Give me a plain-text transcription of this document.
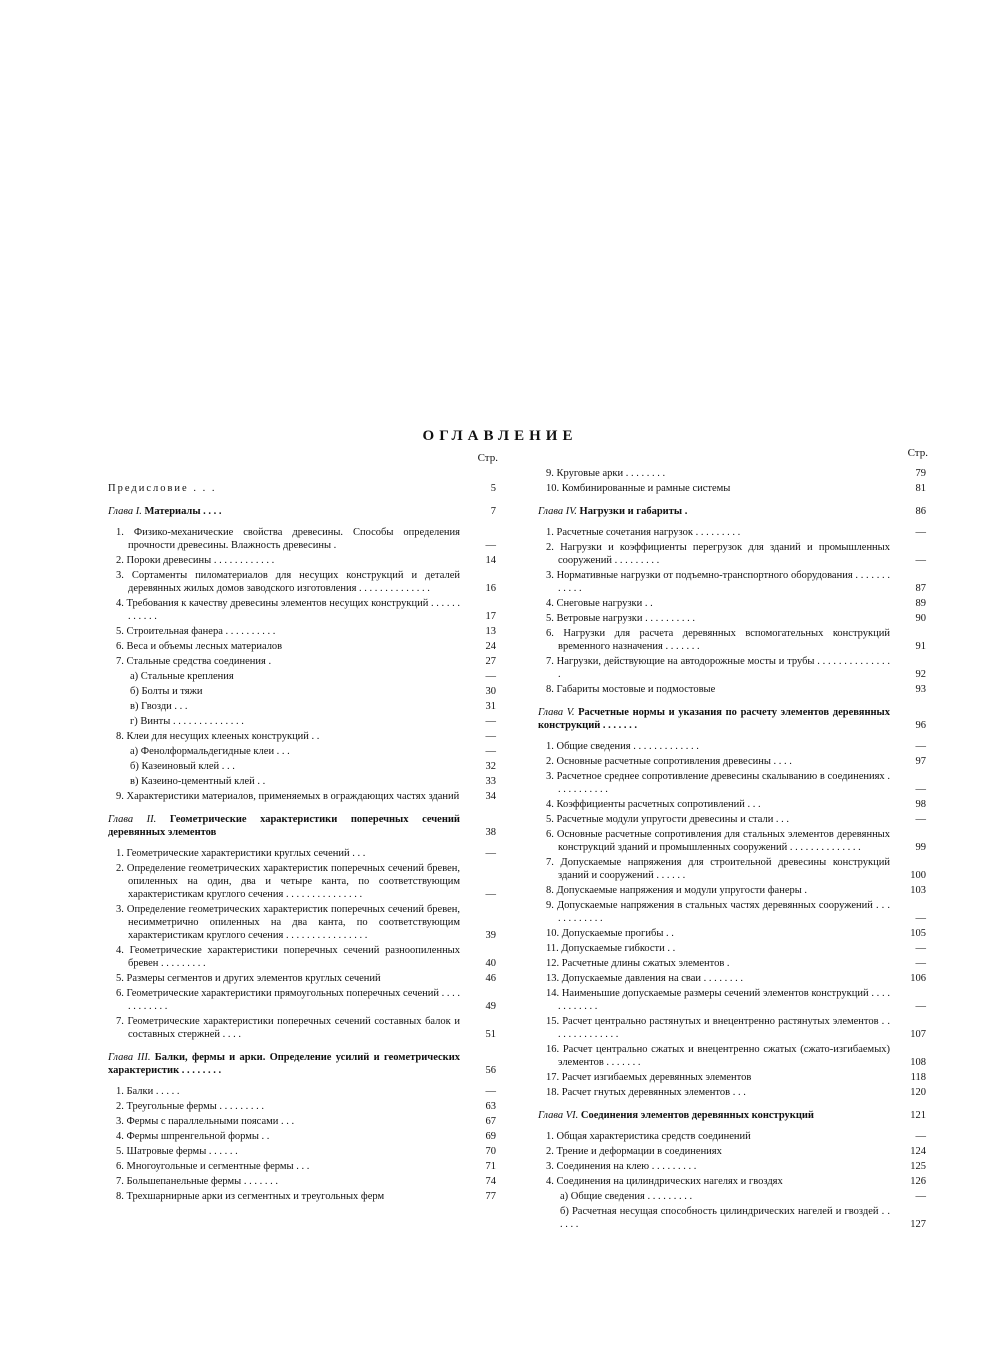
ОГЛАВЛЕНИЕ
Стр.
Предисловие . . .	5
Глава I. Материалы . . . .	7
1. Физико-механические свойства древесины. Способы определения прочности древесины. Влажность древесины .	—
2. Пороки древесины . . . . . . . . . . . .	14
3. Сортаменты пиломатериалов для несущих конструкций и деталей деревянных жилых домов заводского изготовления . . . . . . . . . . . . . .	16
4. Требования к качеству древесины элементов несущих конструкций . . . . . . . . . . . .	17
5. Строительная фанера . . . . . . . . . .	13
6. Веса и объемы лесных материалов	24
7. Стальные средства соединения .	27
а) Стальные крепления	—
б) Болты и тяжи	30
в) Гвозди . . .	31
г) Винты . . . . . . . . . . . . . .	—
8. Клеи для несущих клееных конструкций . .	—
а) Фенолформальдегидные клеи . . .	—
б) Казеиновый клей . . .	32
в) Казеино-цементный клей . .	33
9. Характеристики материалов, применяемых в ограждающих частях зданий	34
Глава II. Геометрические характеристики поперечных сечений деревянных элементов	38
1. Геометрические характеристики круглых сечений . . .	—
2. Определение геометрических характеристик поперечных сечений бревен, опиленных на один, два и четыре канта, по соответствующим характеристикам круглого сечения . . . . . . . . . . . . . . .	—
3. Определение геометрических характеристик поперечных сечений бревен, несимметрично опиленных на два канта, по соответствующим характеристикам круглого сечения . . . . . . . . . . . . . . . .	39
4. Геометрические характеристики поперечных сечений разноопиленных бревен . . . . . . . . .	40
5. Размеры сегментов и других элементов круглых сечений	46
6. Геометрические характеристики прямоугольных поперечных сечений . . . . . . . . . . . .	49
7. Геометрические характеристики поперечных сечений составных балок и составных стержней . . . .	51
Глава III. Балки, фермы и арки. Определение усилий и геометрических характеристик . . . . . . . .	56
1. Балки . . . . .	—
2. Треугольные фермы . . . . . . . . .	63
3. Фермы с параллельными поясами . . .	67
4. Фермы шпренгельной формы . .	69
5. Шатровые фермы . . . . . .	70
6. Многоугольные и сегментные фермы . . .	71
7. Большепанельные фермы . . . . . . .	74
8. Трехшарнирные арки из сегментных и треугольных ферм	77
Стр.
9. Круговые арки . . . . . . . .	79
10. Комбинированные и рамные системы	81
Глава IV. Нагрузки и габариты .	86
1. Расчетные сочетания нагрузок . . . . . . . . .	—
2. Нагрузки и коэффициенты перегрузок для зданий и промышленных сооружений . . . . . . . . .	—
3. Нормативные нагрузки от подъемно-транспортного оборудования . . . . . . . . . . . .	87
4. Снеговые нагрузки . .	89
5. Ветровые нагрузки . . . . . . . . . .	90
6. Нагрузки для расчета деревянных вспомогательных конструкций временного назначения . . . . . . .	91
7. Нагрузки, действующие на автодорожные мосты и трубы . . . . . . . . . . . . . . .	92
8. Габариты мостовые и подмостовые	93
Глава V. Расчетные нормы и указания по расчету элементов деревянных конструкций . . . . . . .	96
1. Общие сведения . . . . . . . . . . . . .	—
2. Основные расчетные сопротивления древесины . . . .	97
3. Расчетное среднее сопротивление древесины скалыванию в соединениях . . . . . . . . . . .	—
4. Коэффициенты расчетных сопротивлений . . .	98
5. Расчетные модули упругости древесины и стали . . .	—
6. Основные расчетные сопротивления для стальных элементов деревянных конструкций зданий и промышленных сооружений . . . . . . . . . . . . . .	99
7. Допускаемые напряжения для строительной древесины конструкций зданий и сооружений . . . . . .	100
8. Допускаемые напряжения и модули упругости фанеры .	103
9. Допускаемые напряжения в стальных частях деревянных сооружений . . . . . . . . . . . .	—
10. Допускаемые прогибы . .	105
11. Допускаемые гибкости . .	—
12. Расчетные длины сжатых элементов .	—
13. Допускаемые давления на сваи . . . . . . . .	106
14. Наименьшие допускаемые размеры сечений элементов конструкций . . . . . . . . . . . .	—
15. Расчет центрально растянутых и внецентренно растянутых элементов . . . . . . . . . . . . . .	107
16. Расчет центрально сжатых и внецентренно сжатых (сжато-изгибаемых) элементов . . . . . . .	108
17. Расчет изгибаемых деревянных элементов	118
18. Расчет гнутых деревянных элементов . . .	120
Глава VI. Соединения элементов деревянных конструкций	121
1. Общая характеристика средств соединений	—
2. Трение и деформации в соединениях	124
3. Соединения на клею . . . . . . . . .	125
4. Соединения на цилиндрических нагелях и гвоздях	126
а) Общие сведения . . . . . . . . .	—
б) Расчетная несущая способность цилиндрических нагелей и гвоздей . . . . . .	127
